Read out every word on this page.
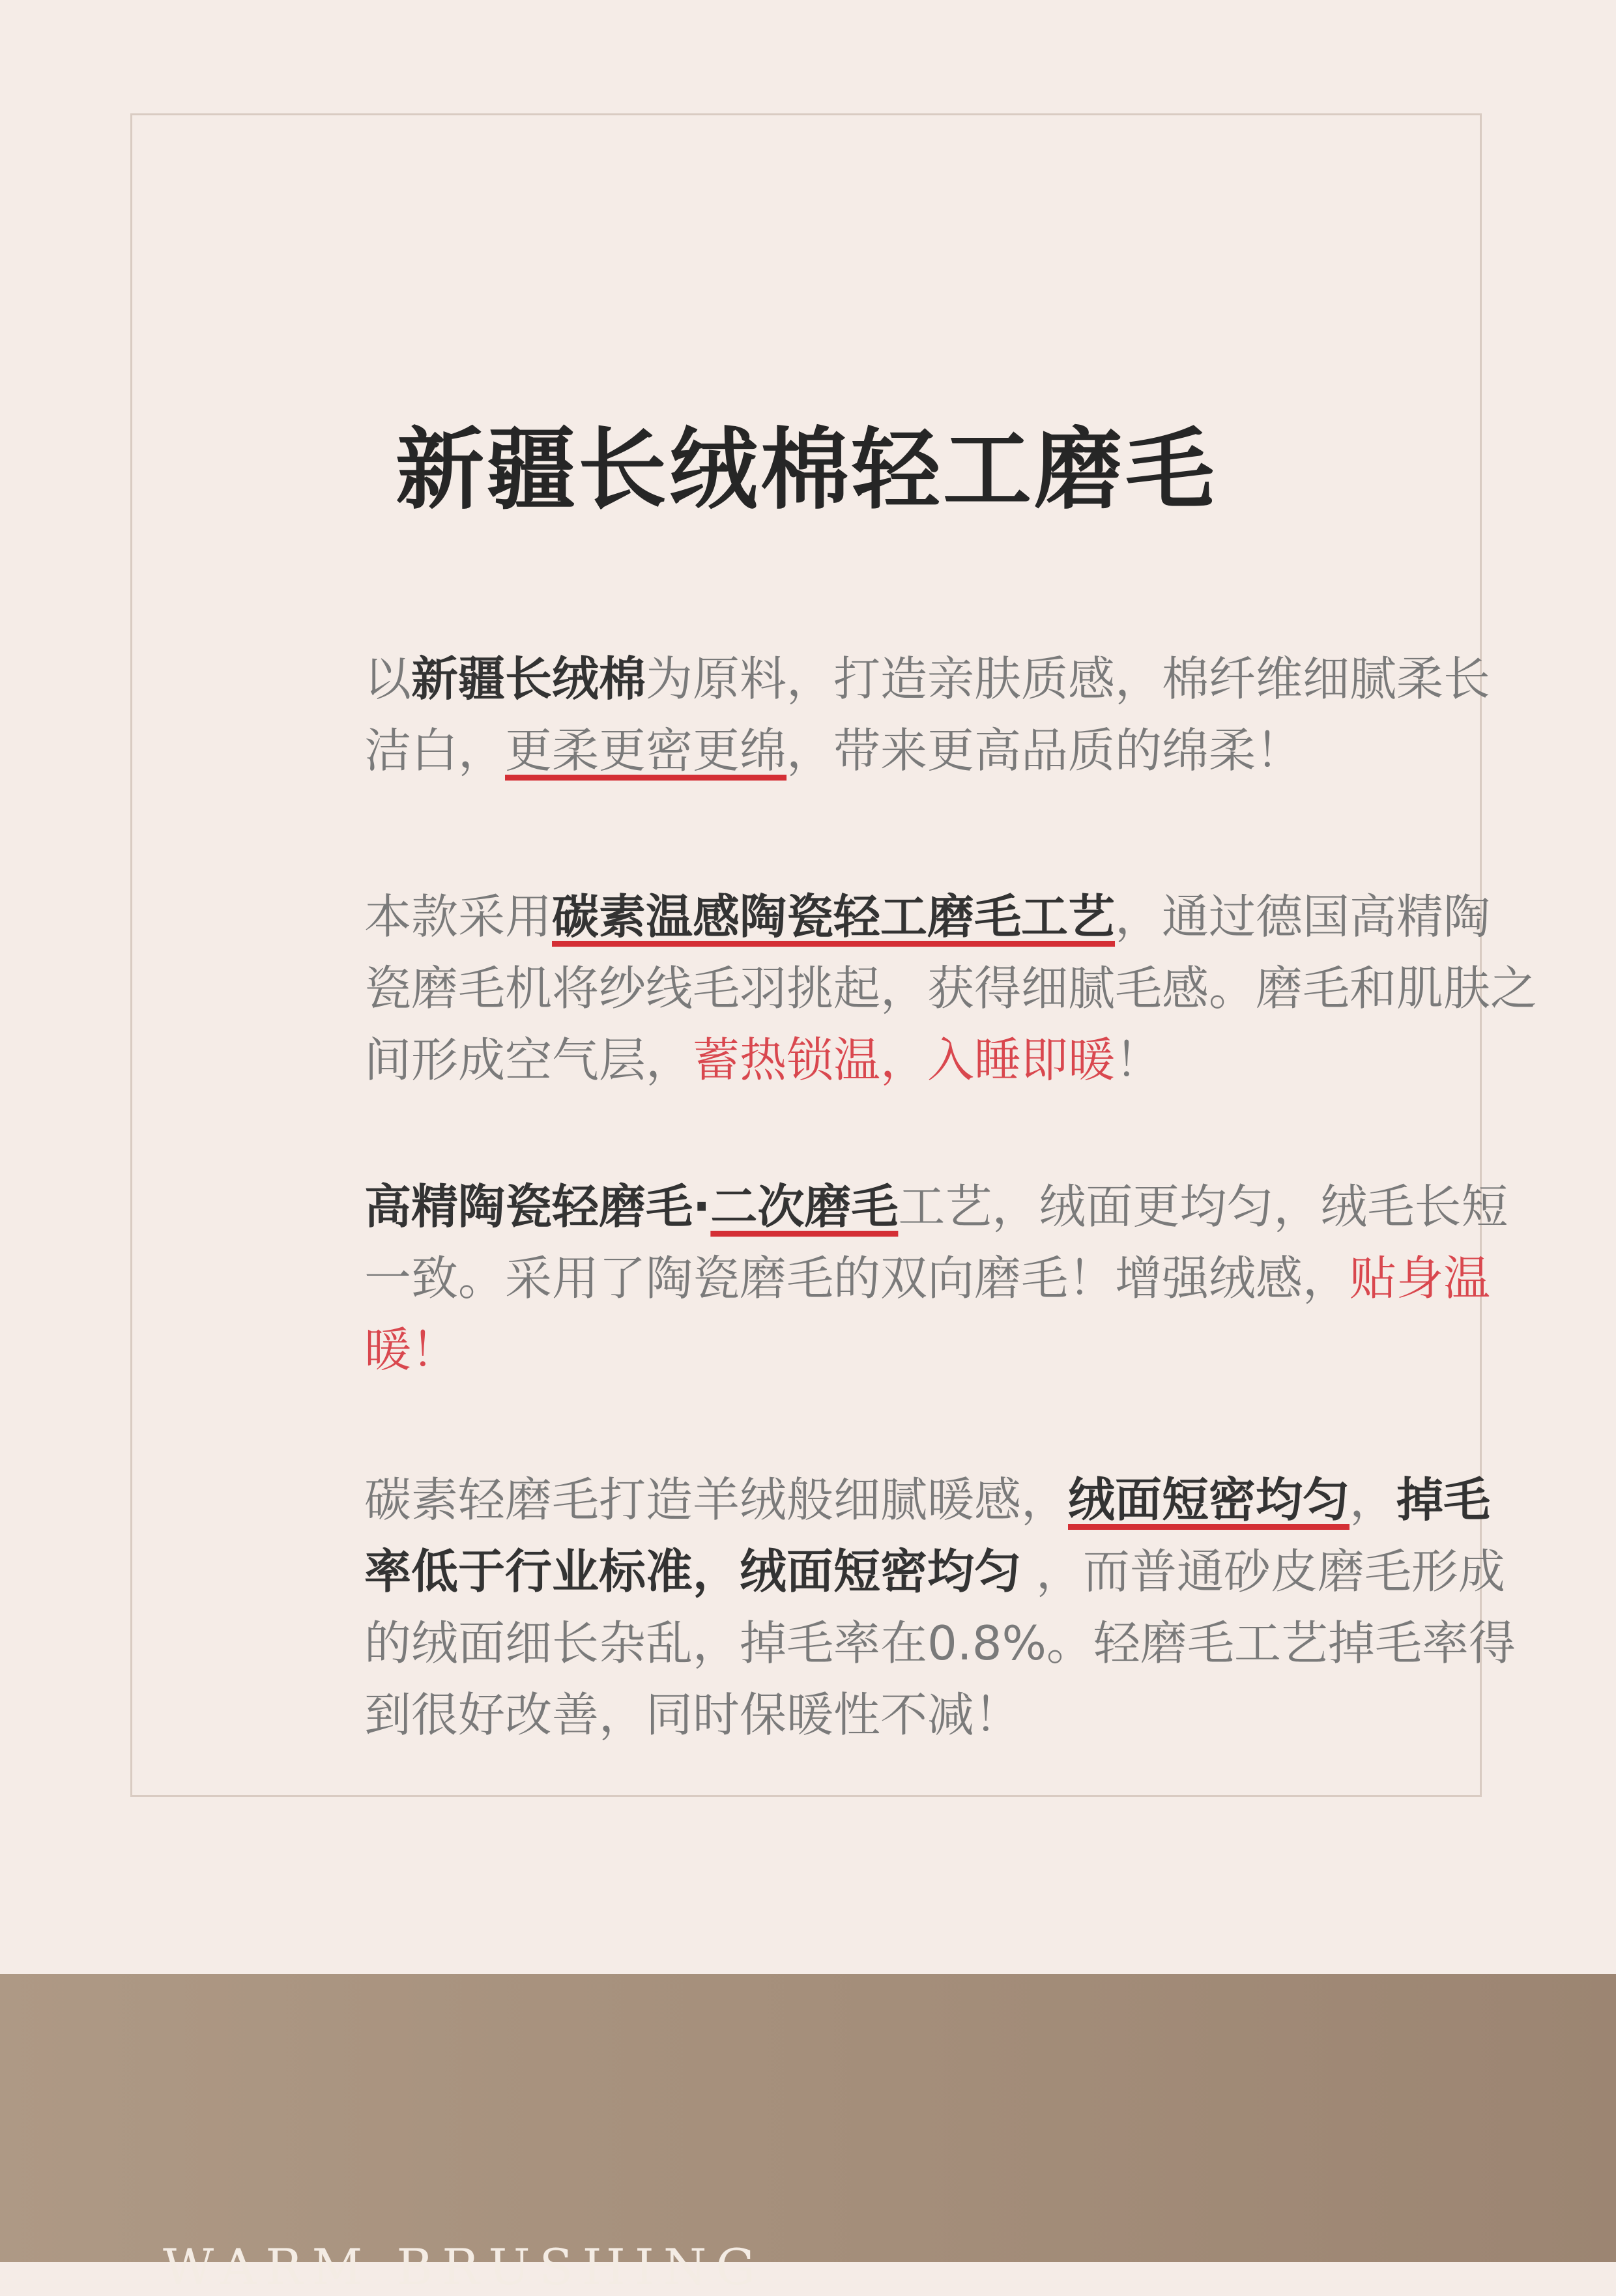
新疆长绒棉轻工磨毛

以新疆长绒棉为原料，打造亲肤质感，棉纤维细腻柔长洁白，更柔更密更绵，带来更高品质的绵柔！

本款采用碳素温感陶瓷轻工磨毛工艺，通过德国高精陶瓷磨毛机将纱线毛羽挑起，获得细腻毛感。磨毛和肌肤之间形成空气层，蓄热锁温，入睡即暖！

高精陶瓷轻磨毛·二次磨毛工艺，绒面更均匀，绒毛长短一致。采用了陶瓷磨毛的双向磨毛！增强绒感，贴身温暖！

碳素轻磨毛打造羊绒般细腻暖感，绒面短密均匀，掉毛率低于行业标准，绒面短密均匀 ，而普通砂皮磨毛形成的绒面细长杂乱，掉毛率在0.8%。轻磨毛工艺掉毛率得到很好改善，同时保暖性不减！

WARM BRUSHING
